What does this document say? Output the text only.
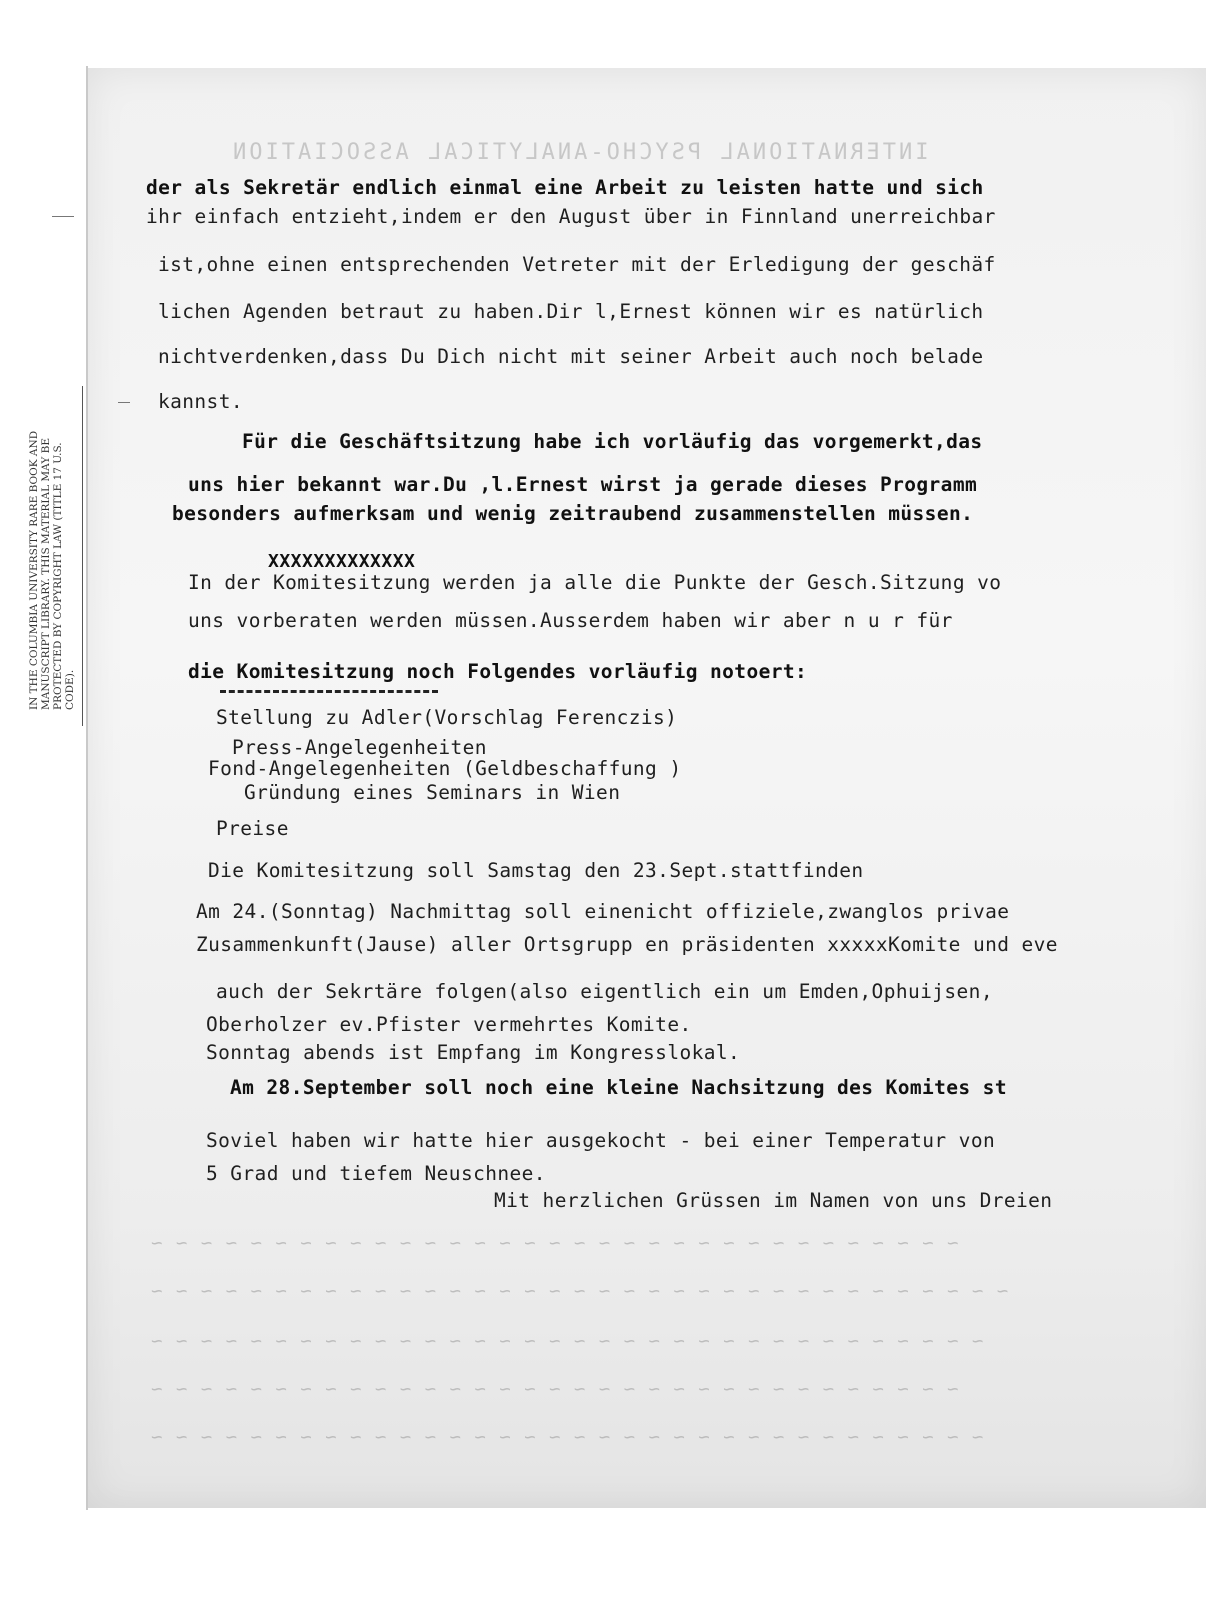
INTERNATIONAL PSYCHO-ANALYTICAL ASSOCIATION
~ ~ ~ ~ ~ ~ ~ ~ ~ ~ ~ ~ ~ ~ ~ ~ ~ ~ ~ ~ ~ ~ ~ ~ ~ ~ ~ ~ ~ ~ ~ ~ ~
~ ~ ~ ~ ~ ~ ~ ~ ~ ~ ~ ~ ~ ~ ~ ~ ~ ~ ~ ~ ~ ~ ~ ~ ~ ~ ~ ~ ~ ~ ~ ~ ~ ~ ~
~ ~ ~ ~ ~ ~ ~ ~ ~ ~ ~ ~ ~ ~ ~ ~ ~ ~ ~ ~ ~ ~ ~ ~ ~ ~ ~ ~ ~ ~ ~ ~ ~ ~
~ ~ ~ ~ ~ ~ ~ ~ ~ ~ ~ ~ ~ ~ ~ ~ ~ ~ ~ ~ ~ ~ ~ ~ ~ ~ ~ ~ ~ ~ ~ ~ ~
~ ~ ~ ~ ~ ~ ~ ~ ~ ~ ~ ~ ~ ~ ~ ~ ~ ~ ~ ~ ~ ~ ~ ~ ~ ~ ~ ~ ~ ~ ~ ~ ~ ~
IN THE COLUMBIA UNIVERSITY RARE BOOK AND MANUSCRIPT LIBRARY. THIS MATERIAL MAY BE PROTECTED BY COPYRIGHT LAW (TITLE 17 U.S. CODE).
der als Sekretär endlich einmal eine Arbeit zu leisten hatte und sich
ihr einfach entzieht,indem er den August über in Finnland unerreichbar
ist,ohne einen entsprechenden Vetreter mit der Erledigung der geschäf
lichen Agenden betraut zu haben.Dir l,Ernest können wir es natürlich
nichtverdenken,dass Du Dich nicht mit seiner Arbeit auch noch belade
kannst.
Für die Geschäftsitzung habe ich vorläufig das vorgemerkt,das
uns hier bekannt war.Du ,l.Ernest wirst ja gerade dieses Programm
besonders aufmerksam und wenig zeitraubend zusammenstellen müssen.
XXXXXXXXXXXXX
In der Komitesitzung werden ja alle die Punkte der Gesch.Sitzung vo
uns vorberaten werden müssen.Ausserdem haben wir aber n u r für
die Komitesitzung noch Folgendes vorläufig notoert:
Stellung zu Adler(Vorschlag Ferenczis)
Press-Angelegenheiten
Fond-Angelegenheiten (Geldbeschaffung )
Gründung eines Seminars in Wien
Preise
Die Komitesitzung soll Samstag den 23.Sept.stattfinden
Am 24.(Sonntag) Nachmittag soll einenicht offiziele,zwanglos privae
Zusammenkunft(Jause) aller Ortsgrupp en präsidenten xxxxxKomite und eve
auch der Sekrtäre folgen(also eigentlich ein um Emden,Ophuijsen,
Oberholzer ev.Pfister vermehrtes Komite.
Sonntag abends ist Empfang im Kongresslokal.
Am 28.September soll noch eine kleine Nachsitzung des Komites st
Soviel haben wir hatte hier ausgekocht - bei einer Temperatur von
5 Grad und tiefem Neuschnee.
Mit herzlichen Grüssen im Namen von uns Dreien
